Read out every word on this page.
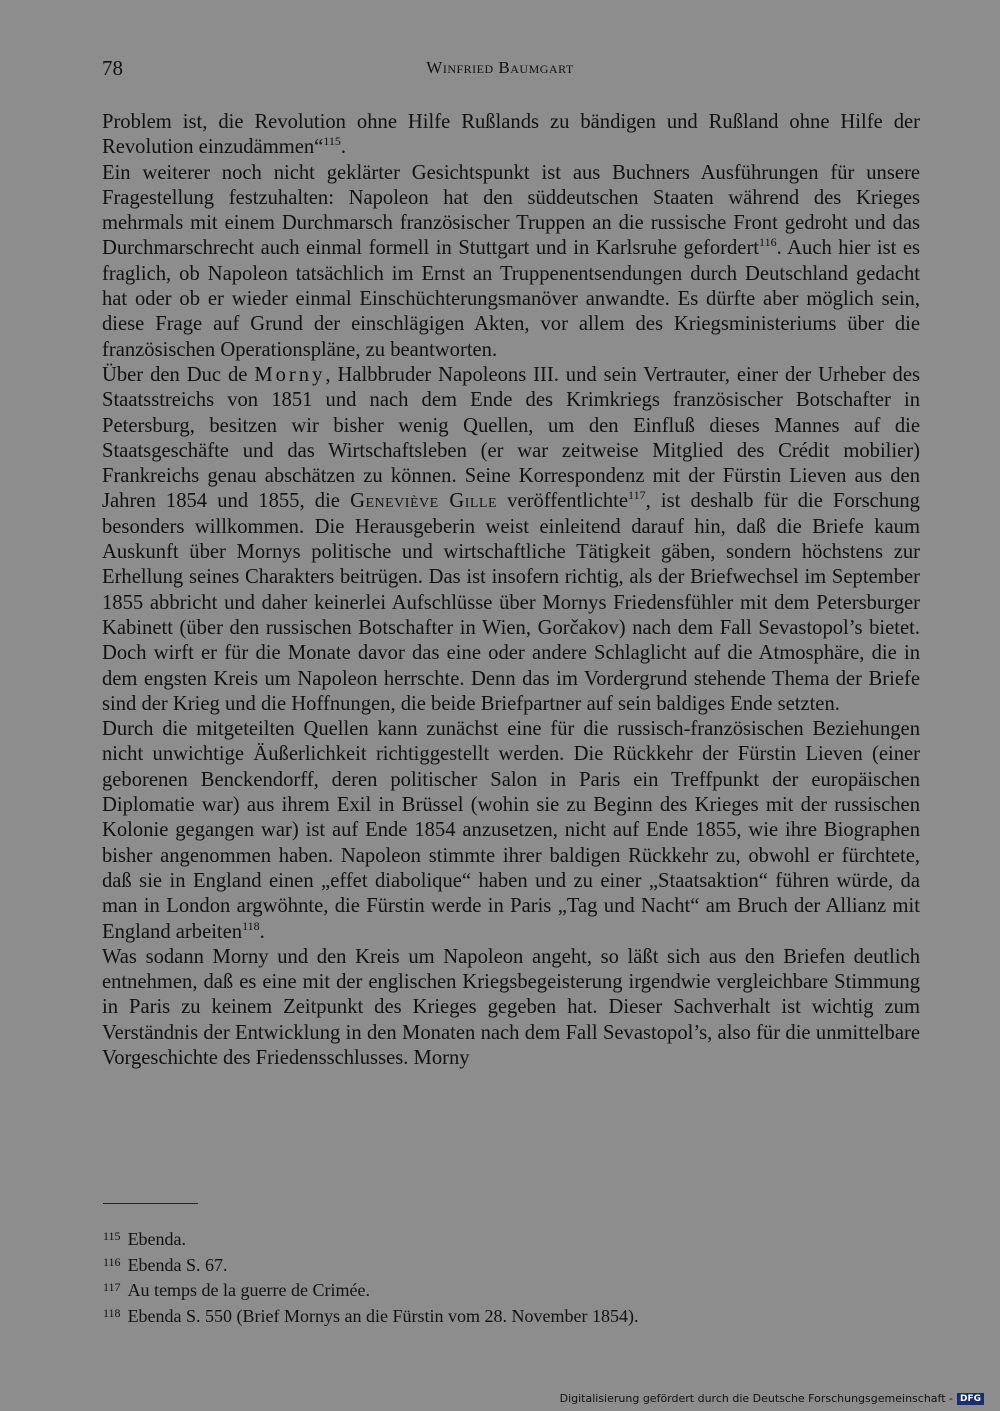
78	Winfried Baumgart

Problem ist, die Revolution ohne Hilfe Rußlands zu bändigen und Rußland ohne Hilfe der Revolution einzudämmen“$^{115}$.

Ein weiterer noch nicht geklärter Gesichtspunkt ist aus Buchners Ausführungen für unsere Fragestellung festzuhalten: Napoleon hat den süddeutschen Staaten während des Krieges mehrmals mit einem Durchmarsch französischer Truppen an die russische Front gedroht und das Durchmarschrecht auch einmal formell in Stuttgart und in Karlsruhe gefordert$^{116}$. Auch hier ist es fraglich, ob Napoleon tatsächlich im Ernst an Truppenentsendungen durch Deutschland gedacht hat oder ob er wieder einmal Einschüchterungsmanöver anwandte. Es dürfte aber möglich sein, diese Frage auf Grund der einschlägigen Akten, vor allem des Kriegsministeriums über die französischen Operationspläne, zu beantworten.

Über den Duc de Morny, Halbbruder Napoleons III. und sein Vertrauter, einer der Urheber des Staatsstreichs von 1851 und nach dem Ende des Krimkriegs französischer Botschafter in Petersburg, besitzen wir bisher wenig Quellen, um den Einfluß dieses Mannes auf die Staatsgeschäfte und das Wirtschaftsleben (er war zeitweise Mitglied des Crédit mobilier) Frankreichs genau abschätzen zu können. Seine Korrespondenz mit der Fürstin Lieven aus den Jahren 1854 und 1855, die Geneviève Gille veröffentlichte$^{117}$, ist deshalb für die Forschung besonders willkommen. Die Herausgeberin weist einleitend darauf hin, daß die Briefe kaum Auskunft über Mornys politische und wirtschaftliche Tätigkeit gäben, sondern höchstens zur Erhellung seines Charakters beitrügen. Das ist insofern richtig, als der Briefwechsel im September 1855 abbricht und daher keinerlei Aufschlüsse über Mornys Friedensfühler mit dem Petersburger Kabinett (über den russischen Botschafter in Wien, Gorčakov) nach dem Fall Sevastopol’s bietet. Doch wirft er für die Monate davor das eine oder andere Schlaglicht auf die Atmosphäre, die in dem engsten Kreis um Napoleon herrschte. Denn das im Vordergrund stehende Thema der Briefe sind der Krieg und die Hoffnungen, die beide Briefpartner auf sein baldiges Ende setzten.

Durch die mitgeteilten Quellen kann zunächst eine für die russisch-französischen Beziehungen nicht unwichtige Äußerlichkeit richtiggestellt werden. Die Rückkehr der Fürstin Lieven (einer geborenen Benckendorff, deren politischer Salon in Paris ein Treffpunkt der europäischen Diplomatie war) aus ihrem Exil in Brüssel (wohin sie zu Beginn des Krieges mit der russischen Kolonie gegangen war) ist auf Ende 1854 anzusetzen, nicht auf Ende 1855, wie ihre Biographen bisher angenommen haben. Napoleon stimmte ihrer baldigen Rückkehr zu, obwohl er fürchtete, daß sie in England einen „effet diabolique“ haben und zu einer „Staatsaktion“ führen würde, da man in London argwöhnte, die Fürstin werde in Paris „Tag und Nacht“ am Bruch der Allianz mit England arbeiten$^{118}$.

Was sodann Morny und den Kreis um Napoleon angeht, so läßt sich aus den Briefen deutlich entnehmen, daß es eine mit der englischen Kriegsbegeisterung irgendwie vergleichbare Stimmung in Paris zu keinem Zeitpunkt des Krieges gegeben hat. Dieser Sachverhalt ist wichtig zum Verständnis der Entwicklung in den Monaten nach dem Fall Sevastopol’s, also für die unmittelbare Vorgeschichte des Friedensschlusses. Morny

$^{115}$ Ebenda.
$^{116}$ Ebenda S. 67.
$^{117}$ Au temps de la guerre de Crimée.
$^{118}$ Ebenda S. 550 (Brief Mornys an die Fürstin vom 28. November 1854).
Digitalisierung gefördert durch die Deutsche Forschungsgemeinschaft - DFG
